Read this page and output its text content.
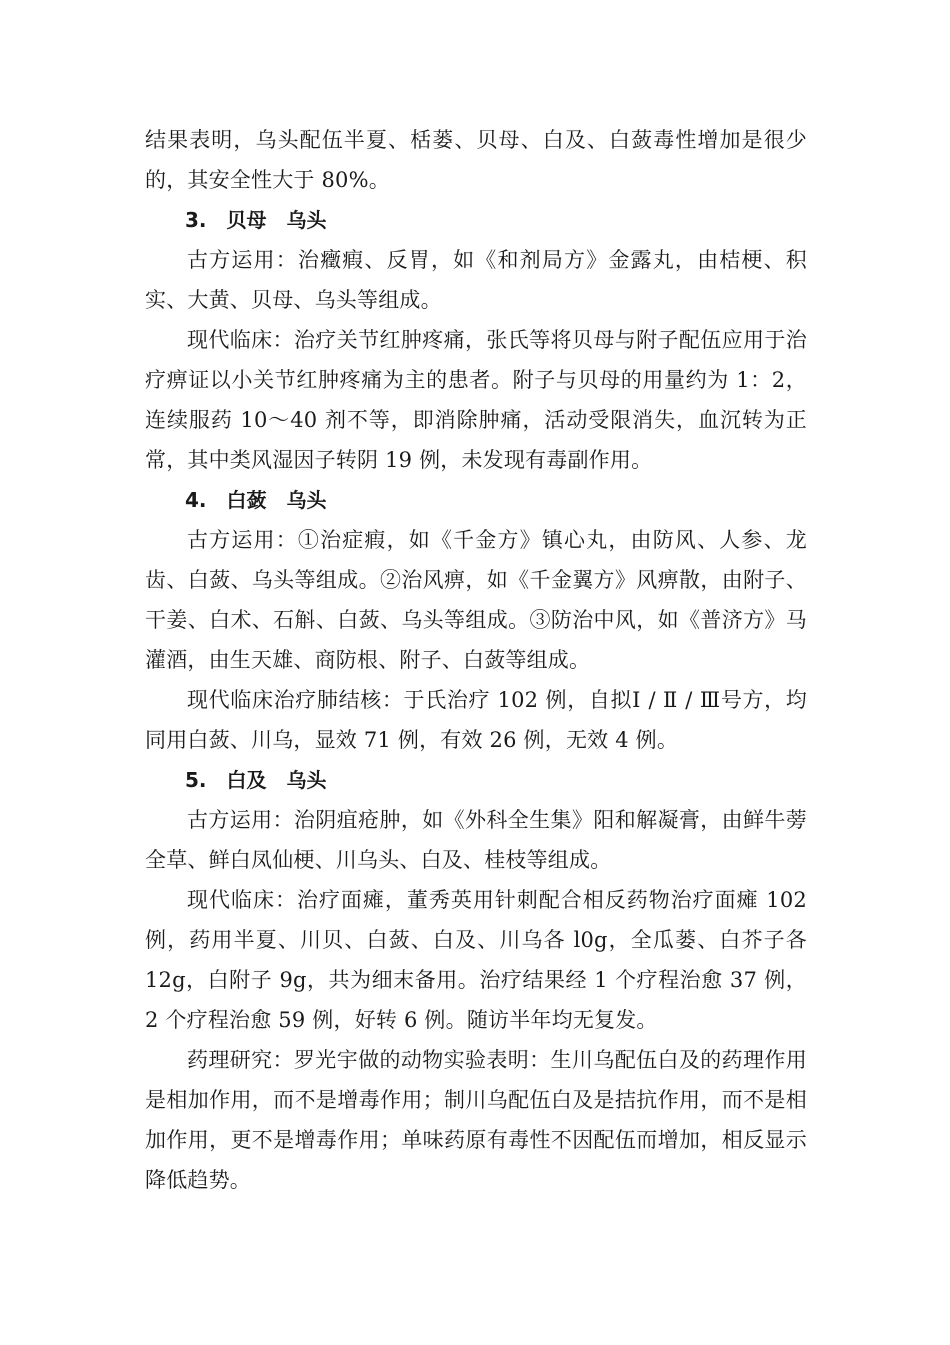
结果表明，乌头配伍半夏、栝蒌、贝母、白及、白蔹毒性增加是很少的，其安全性大于 80%。

3. 贝母　乌头

古方运用：治癥瘕、反胃，如《和剂局方》金露丸，由桔梗、积实、大黄、贝母、乌头等组成。

现代临床：治疗关节红肿疼痛，张氏等将贝母与附子配伍应用于治疗痹证以小关节红肿疼痛为主的患者。附子与贝母的用量约为 1：2，连续服药 10～40 剂不等，即消除肿痛，活动受限消失，血沉转为正常，其中类风湿因子转阴 19 例，未发现有毒副作用。

4. 白蔹　乌头

古方运用：①治症瘕，如《千金方》镇心丸，由防风、人参、龙齿、白蔹、乌头等组成。②治风痹，如《千金翼方》风痹散，由附子、干姜、白术、石斛、白蔹、乌头等组成。③防治中风，如《普济方》马灌酒，由生天雄、商防根、附子、白蔹等组成。

现代临床治疗肺结核：于氏治疗 102 例，自拟Ⅰ / Ⅱ / Ⅲ号方，均同用白蔹、川乌，显效 71 例，有效 26 例，无效 4 例。

5. 白及　乌头

古方运用：治阴疽疮肿，如《外科全生集》阳和解凝膏，由鲜牛蒡全草、鲜白凤仙梗、川乌头、白及、桂枝等组成。

现代临床：治疗面瘫，董秀英用针刺配合相反药物治疗面瘫 102 例，药用半夏、川贝、白蔹、白及、川乌各 l0g，全瓜蒌、白芥子各 12g，白附子 9g，共为细末备用。治疗结果经 1 个疗程治愈 37 例， 2 个疗程治愈 59 例，好转 6 例。随访半年均无复发。

药理研究：罗光宇做的动物实验表明：生川乌配伍白及的药理作用是相加作用，而不是增毒作用；制川乌配伍白及是拮抗作用，而不是相加作用，更不是增毒作用；单味药原有毒性不因配伍而增加，相反显示降低趋势。
